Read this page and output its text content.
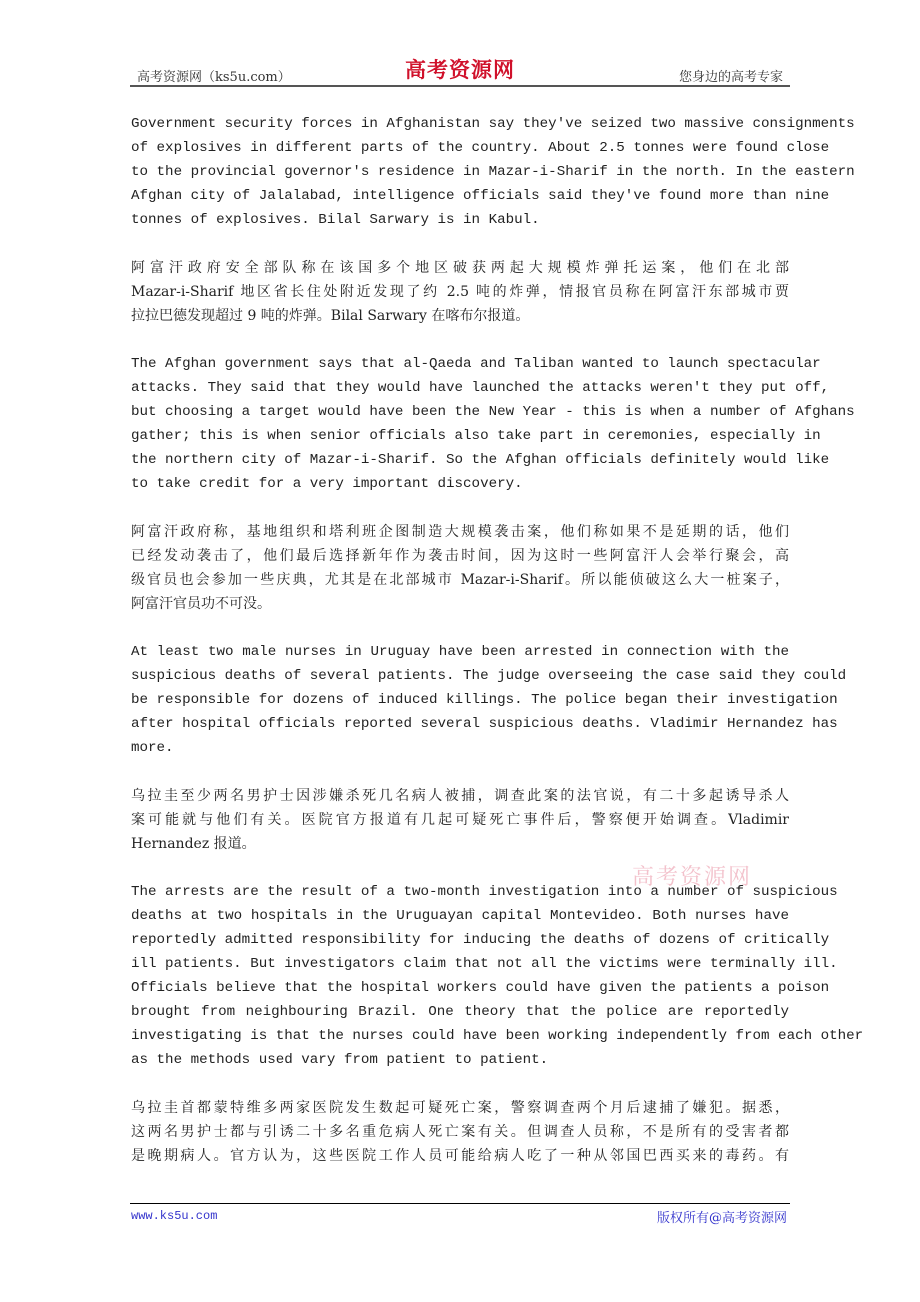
高考资源网（ks5u.com）	高考资源网	您身边的高考专家
Government security forces in Afghanistan say they've seized two massive consignments
of explosives in different parts of the country. About 2.5 tonnes were found close
to the provincial governor's residence in Mazar-i-Sharif in the north. In the eastern
Afghan city of Jalalabad, intelligence officials said they've found more than nine
tonnes of explosives. Bilal Sarwary is in Kabul.
阿富汗政府安全部队称在该国多个地区破获两起大规模炸弹托运案，他们在北部
Mazar-i-Sharif 地区省长住处附近发现了约 2.5 吨的炸弹，情报官员称在阿富汗东部城市贾
拉拉巴德发现超过 9 吨的炸弹。Bilal Sarwary 在喀布尔报道。
The Afghan government says that al-Qaeda and Taliban wanted to launch spectacular
attacks. They said that they would have launched the attacks weren't they put off,
but choosing a target would have been the New Year - this is when a number of Afghans
gather; this is when senior officials also take part in ceremonies, especially in
the northern city of Mazar-i-Sharif. So the Afghan officials definitely would like
to take credit for a very important discovery.
阿富汗政府称，基地组织和塔利班企图制造大规模袭击案，他们称如果不是延期的话，他们
已经发动袭击了，他们最后选择新年作为袭击时间，因为这时一些阿富汗人会举行聚会，高
级官员也会参加一些庆典，尤其是在北部城市 Mazar-i-Sharif。所以能侦破这么大一桩案子，
阿富汗官员功不可没。
At least two male nurses in Uruguay have been arrested in connection with the
suspicious deaths of several patients. The judge overseeing the case said they could
be responsible for dozens of induced killings. The police began their investigation
after hospital officials reported several suspicious deaths. Vladimir Hernandez has
more.
乌拉圭至少两名男护士因涉嫌杀死几名病人被捕，调查此案的法官说，有二十多起诱导杀人
案可能就与他们有关。医院官方报道有几起可疑死亡事件后，警察便开始调查。Vladimir
Hernandez 报道。
The arrests are the result of a two-month investigation into a number of suspicious
deaths at two hospitals in the Uruguayan capital Montevideo. Both nurses have
reportedly admitted responsibility for inducing the deaths of dozens of critically
ill patients. But investigators claim that not all the victims were terminally ill.
Officials believe that the hospital workers could have given the patients a poison
brought from neighbouring Brazil. One theory that the police are reportedly
investigating is that the nurses could have been working independently from each other
as the methods used vary from patient to patient.
乌拉圭首都蒙特维多两家医院发生数起可疑死亡案，警察调查两个月后逮捕了嫌犯。据悉，
这两名男护士都与引诱二十多名重危病人死亡案有关。但调查人员称，不是所有的受害者都
是晚期病人。官方认为，这些医院工作人员可能给病人吃了一种从邻国巴西买来的毒药。有
高考资源网
www.ks5u.com	版权所有@高考资源网
